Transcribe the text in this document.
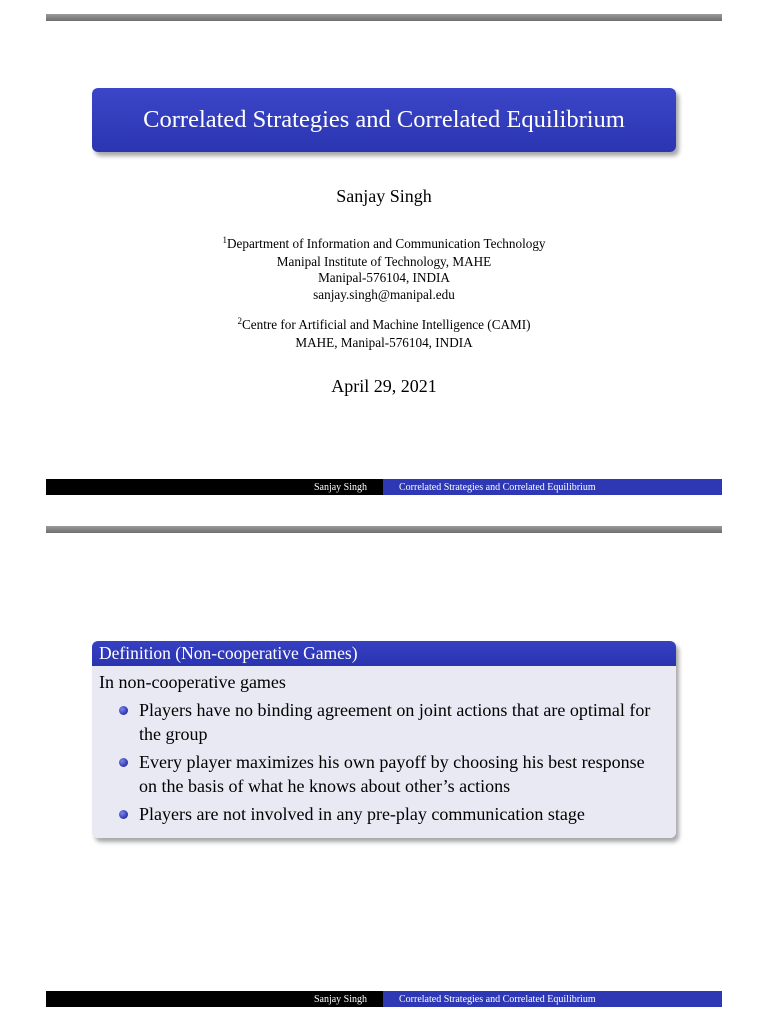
Correlated Strategies and Correlated Equilibrium
Sanjay Singh
$^1$Department of Information and Communication Technology
Manipal Institute of Technology, MAHE
Manipal-576104, INDIA
sanjay.singh@manipal.edu
$^2$Centre for Artificial and Machine Intelligence (CAMI)
MAHE, Manipal-576104, INDIA
April 29, 2021
Sanjay Singh	Correlated Strategies and Correlated Equilibrium
Definition (Non-cooperative Games)
In non-cooperative games
Players have no binding agreement on joint actions that are optimal for the group
Every player maximizes his own payoff by choosing his best response on the basis of what he knows about other’s actions
Players are not involved in any pre-play communication stage
Sanjay Singh	Correlated Strategies and Correlated Equilibrium
